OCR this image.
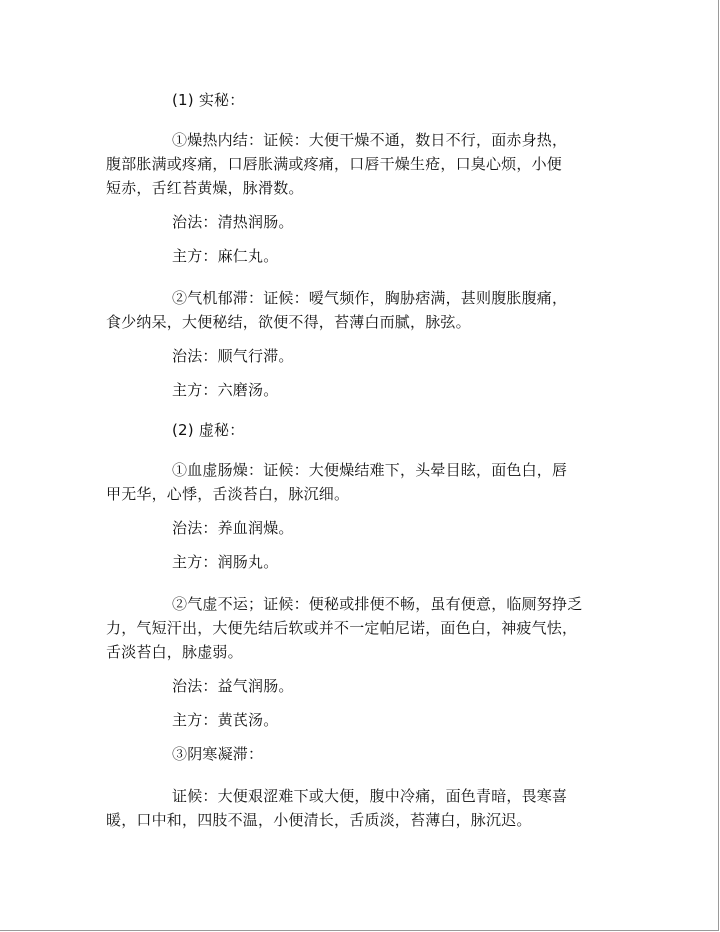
(1) 实秘：
①燥热内结：证候：大便干燥不通，数日不行，面赤身热，
腹部胀满或疼痛，口唇胀满或疼痛，口唇干燥生疮，口臭心烦，小便
短赤，舌红苔黄燥，脉滑数。
治法：清热润肠。
主方：麻仁丸。
②气机郁滞：证候：嗳气频作，胸胁痞满，甚则腹胀腹痛，
食少纳呆，大便秘结，欲便不得，苔薄白而腻，脉弦。
治法：顺气行滞。
主方：六磨汤。
(2) 虚秘：
①血虚肠燥：证候：大便燥结难下，头晕目眩，面色白，唇
甲无华，心悸，舌淡苔白，脉沉细。
治法：养血润燥。
主方：润肠丸。
②气虚不运；证候：便秘或排便不畅，虽有便意，临厕努挣乏
力，气短汗出，大便先结后软或并不一定帕尼诺，面色白，神疲气怯，
舌淡苔白，脉虚弱。
治法：益气润肠。
主方：黄芪汤。
③阴寒凝滞：
证候：大便艰涩难下或大便，腹中冷痛，面色青暗，畏寒喜
暖，口中和，四肢不温，小便清长，舌质淡，苔薄白，脉沉迟。
